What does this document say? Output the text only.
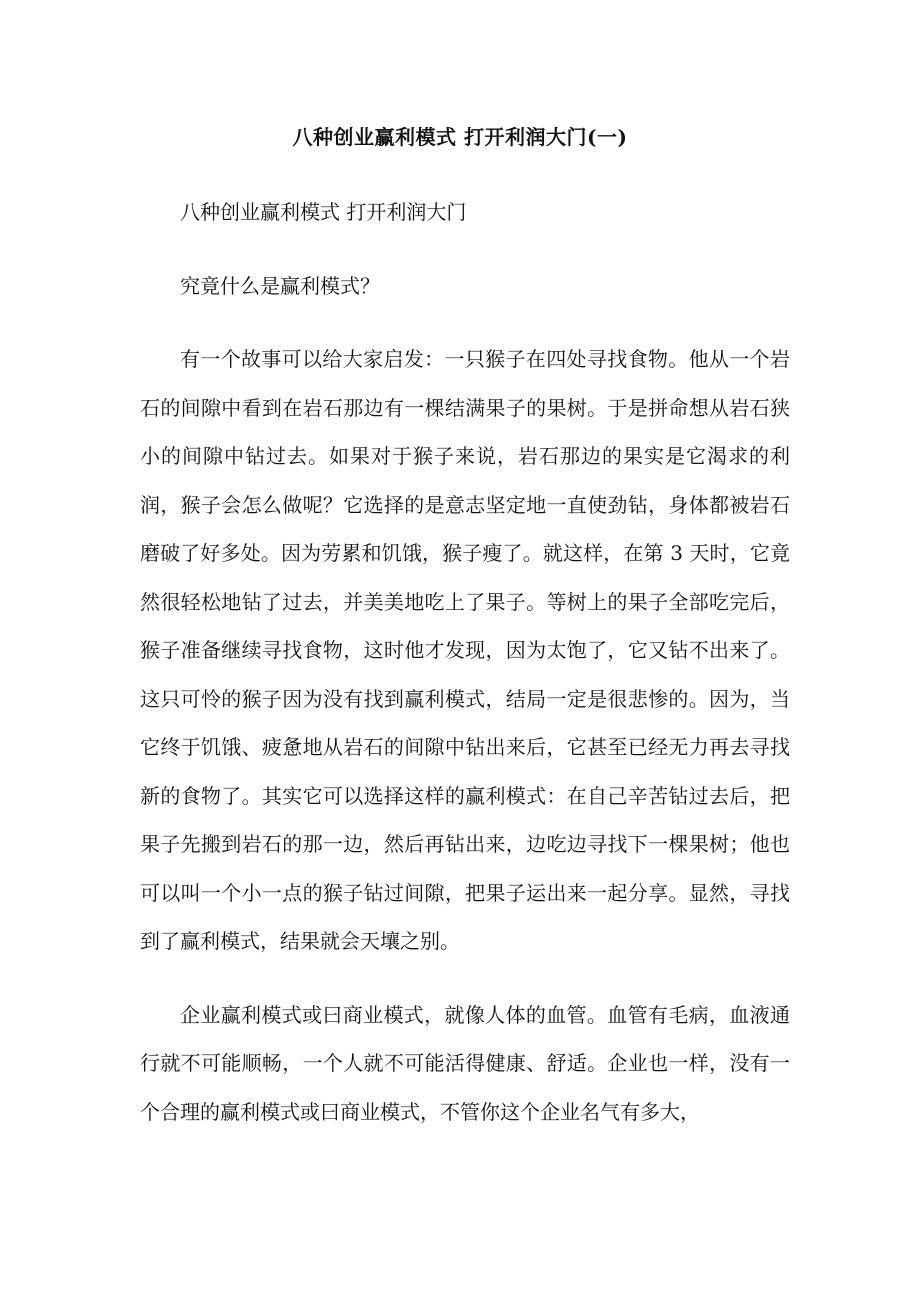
八种创业赢利模式 打开利润大门(一)

八种创业赢利模式 打开利润大门

究竟什么是赢利模式？

有一个故事可以给大家启发：一只猴子在四处寻找食物。他从一个岩石的间隙中看到在岩石那边有一棵结满果子的果树。于是拼命想从岩石狭小的间隙中钻过去。如果对于猴子来说，岩石那边的果实是它渴求的利润，猴子会怎么做呢？它选择的是意志坚定地一直使劲钻，身体都被岩石磨破了好多处。因为劳累和饥饿，猴子瘦了。就这样，在第 3 天时，它竟然很轻松地钻了过去，并美美地吃上了果子。等树上的果子全部吃完后，猴子准备继续寻找食物，这时他才发现，因为太饱了，它又钻不出来了。这只可怜的猴子因为没有找到赢利模式，结局一定是很悲惨的。因为，当它终于饥饿、疲惫地从岩石的间隙中钻出来后，它甚至已经无力再去寻找新的食物了。其实它可以选择这样的赢利模式：在自己辛苦钻过去后，把果子先搬到岩石的那一边，然后再钻出来，边吃边寻找下一棵果树；他也可以叫一个小一点的猴子钻过间隙，把果子运出来一起分享。显然，寻找到了赢利模式，结果就会天壤之别。

企业赢利模式或曰商业模式，就像人体的血管。血管有毛病，血液通行就不可能顺畅，一个人就不可能活得健康、舒适。企业也一样，没有一个合理的赢利模式或曰商业模式，不管你这个企业名气有多大，
